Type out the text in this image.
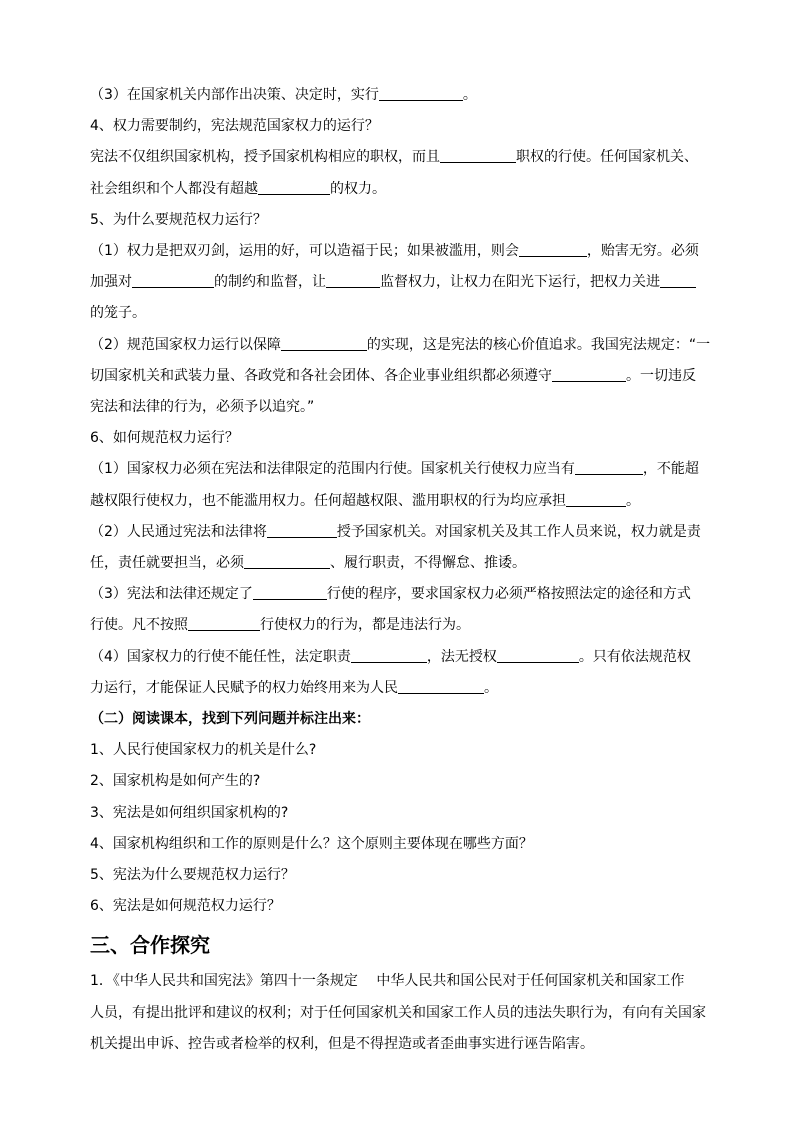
（3）在国家机关内部作出决策、决定时，实行	。

4、权力需要制约，宪法规范国家权力的运行？

宪法不仅组织国家机构，授予国家机构相应的职权，而且	职权的行使。任何国家机关、

社会组织和个人都没有超越	的权力。

5、为什么要规范权力运行？

（1）权力是把双刃剑，运用的好，可以造福于民；如果被滥用，则会	，贻害无穷。必须

加强对	的制约和监督，让	监督权力，让权力在阳光下运行，把权力关进

的笼子。

（2）规范国家权力运行以保障	的实现，这是宪法的核心价值追求。我国宪法规定：“一

切国家机关和武装力量、各政党和各社会团体、各企业事业组织都必须遵守	。一切违反

宪法和法律的行为，必须予以追究。”

6、如何规范权力运行？

（1）国家权力必须在宪法和法律限定的范围内行使。国家机关行使权力应当有	，不能超

越权限行使权力，也不能滥用权力。任何超越权限、滥用职权的行为均应承担	。

（2）人民通过宪法和法律将	授予国家机关。对国家机关及其工作人员来说，权力就是责

任，责任就要担当，必须	、履行职责，不得懈怠、推诿。

（3）宪法和法律还规定了	行使的程序，要求国家权力必须严格按照法定的途径和方式

行使。凡不按照	行使权力的行为，都是违法行为。

（4）国家权力的行使不能任性，法定职责	，法无授权	。只有依法规范权

力运行，才能保证人民赋予的权力始终用来为人民	。

（二）阅读课本，找到下列问题并标注出来：

1、人民行使国家权力的机关是什么?

2、国家机构是如何产生的?

3、宪法是如何组织国家机构的?

4、国家机构组织和工作的原则是什么？这个原则主要体现在哪些方面？

5、宪法为什么要规范权力运行？

6、宪法是如何规范权力运行？

三、合作探究

1．《中华人民共和国宪法》第四十一条规定　 中华人民共和国公民对于任何国家机关和国家工作

人员，有提出批评和建议的权利；对于任何国家机关和国家工作人员的违法失职行为，有向有关国家

机关提出申诉、控告或者检举的权利，但是不得捏造或者歪曲事实进行诬告陷害。
